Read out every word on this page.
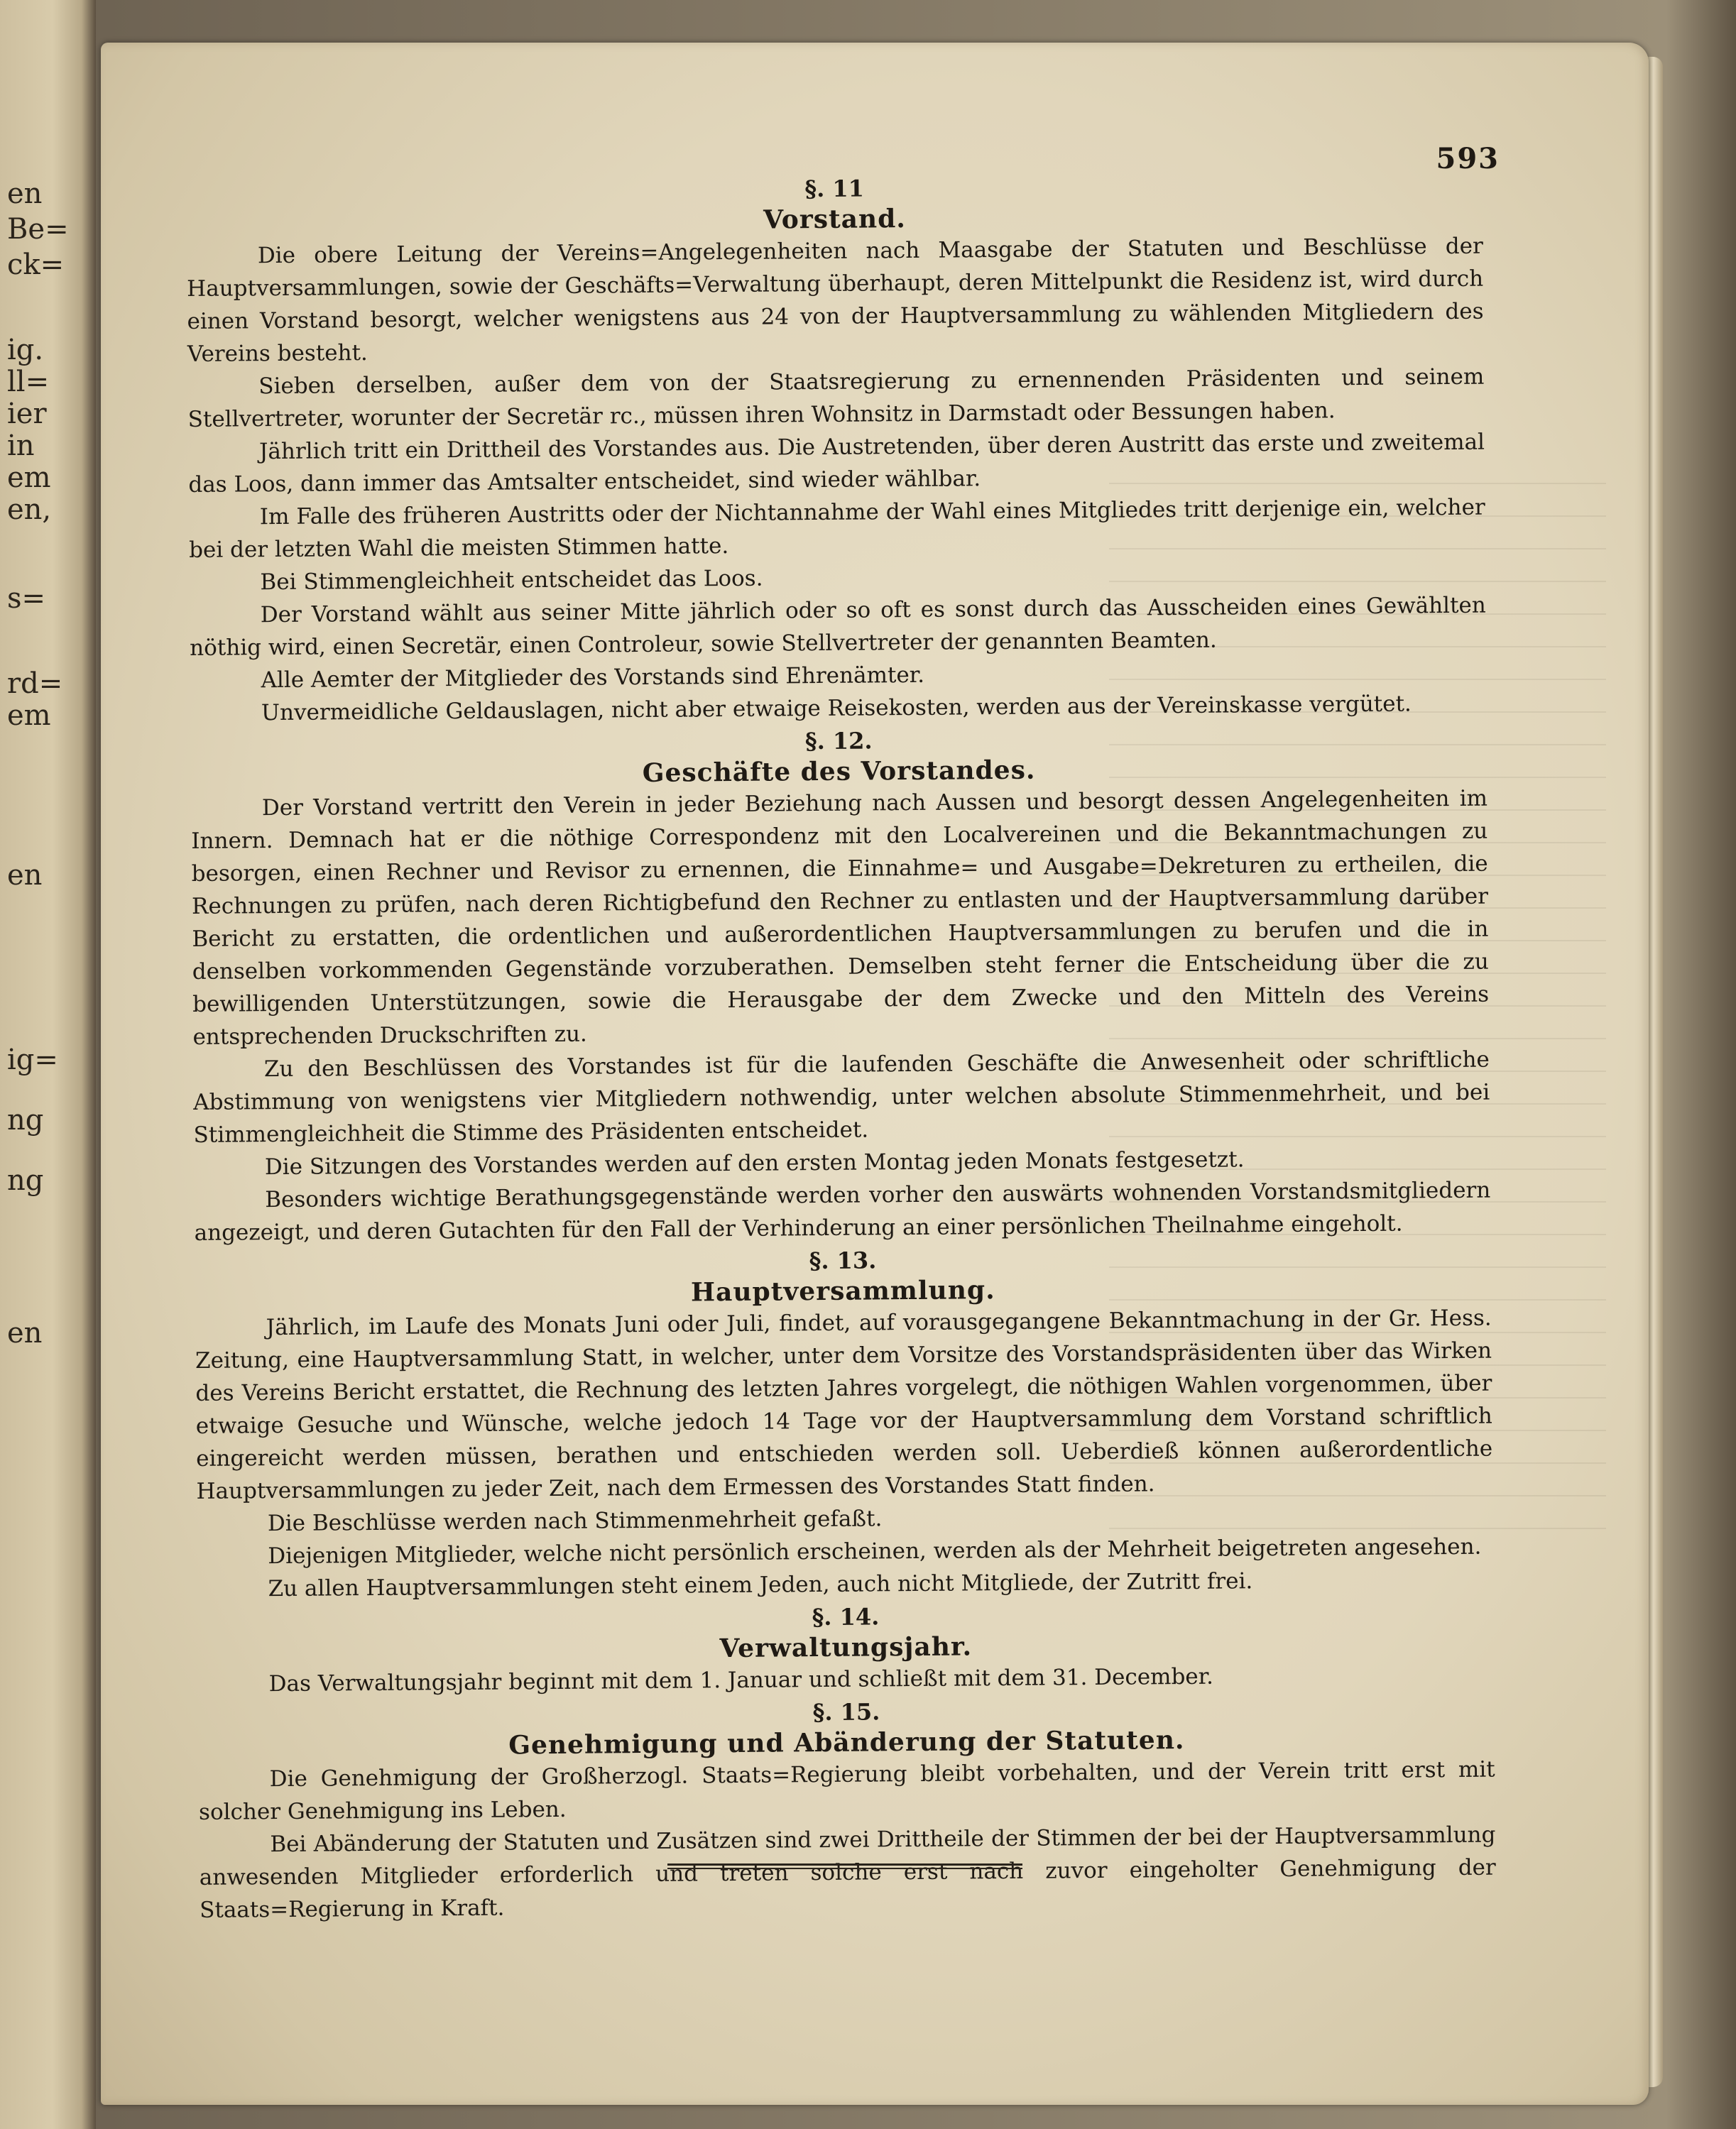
en
Be=
ck=
ig.
ll=
ier
in
em
en,
s=
rd=
em
en
ig=
ng
ng
en
593
§. 11
Vorstand.

Die obere Leitung der Vereins=Angelegenheiten nach Maasgabe der Statuten und Beschlüsse der Hauptversammlungen, sowie der Geschäfts=Verwaltung überhaupt, deren Mittelpunkt die Residenz ist, wird durch einen Vorstand besorgt, welcher wenigstens aus 24 von der Hauptversammlung zu wählenden Mitgliedern des Vereins besteht.

Sieben derselben, außer dem von der Staatsregierung zu ernennenden Präsidenten und seinem Stellvertreter, worunter der Secretär rc., müssen ihren Wohnsitz in Darmstadt oder Bessungen haben.

Jährlich tritt ein Drittheil des Vorstandes aus. Die Austretenden, über deren Austritt das erste und zweitemal das Loos, dann immer das Amtsalter entscheidet, sind wieder wählbar.

Im Falle des früheren Austritts oder der Nichtannahme der Wahl eines Mitgliedes tritt derjenige ein, welcher bei der letzten Wahl die meisten Stimmen hatte.

Bei Stimmengleichheit entscheidet das Loos.

Der Vorstand wählt aus seiner Mitte jährlich oder so oft es sonst durch das Ausscheiden eines Gewählten nöthig wird, einen Secretär, einen Controleur, sowie Stellvertreter der genannten Beamten.

Alle Aemter der Mitglieder des Vorstands sind Ehrenämter.

Unvermeidliche Geldauslagen, nicht aber etwaige Reisekosten, werden aus der Vereinskasse vergütet.

§. 12.
Geschäfte des Vorstandes.

Der Vorstand vertritt den Verein in jeder Beziehung nach Aussen und besorgt dessen Angelegenheiten im Innern. Demnach hat er die nöthige Correspondenz mit den Localvereinen und die Bekanntmachungen zu besorgen, einen Rechner und Revisor zu ernennen, die Einnahme= und Ausgabe=Dekreturen zu ertheilen, die Rechnungen zu prüfen, nach deren Richtigbefund den Rechner zu entlasten und der Hauptversammlung darüber Bericht zu erstatten, die ordentlichen und außerordentlichen Hauptversammlungen zu berufen und die in denselben vorkommenden Gegenstände vorzuberathen. Demselben steht ferner die Entscheidung über die zu bewilligenden Unterstützungen, sowie die Herausgabe der dem Zwecke und den Mitteln des Vereins entsprechenden Druckschriften zu.

Zu den Beschlüssen des Vorstandes ist für die laufenden Geschäfte die Anwesenheit oder schriftliche Abstimmung von wenigstens vier Mitgliedern nothwendig, unter welchen absolute Stimmenmehrheit, und bei Stimmengleichheit die Stimme des Präsidenten entscheidet.

Die Sitzungen des Vorstandes werden auf den ersten Montag jeden Monats festgesetzt.

Besonders wichtige Berathungsgegenstände werden vorher den auswärts wohnenden Vorstandsmitgliedern angezeigt, und deren Gutachten für den Fall der Verhinderung an einer persönlichen Theilnahme eingeholt.

§. 13.
Hauptversammlung.

Jährlich, im Laufe des Monats Juni oder Juli, findet, auf vorausgegangene Bekanntmachung in der Gr. Hess. Zeitung, eine Hauptversammlung Statt, in welcher, unter dem Vorsitze des Vorstandspräsidenten über das Wirken des Vereins Bericht erstattet, die Rechnung des letzten Jahres vorgelegt, die nöthigen Wahlen vorgenommen, über etwaige Gesuche und Wünsche, welche jedoch 14 Tage vor der Hauptversammlung dem Vorstand schriftlich eingereicht werden müssen, berathen und entschieden werden soll. Ueberdieß können außerordentliche Hauptversammlungen zu jeder Zeit, nach dem Ermessen des Vorstandes Statt finden.

Die Beschlüsse werden nach Stimmenmehrheit gefaßt.

Diejenigen Mitglieder, welche nicht persönlich erscheinen, werden als der Mehrheit beigetreten angesehen.

Zu allen Hauptversammlungen steht einem Jeden, auch nicht Mitgliede, der Zutritt frei.

§. 14.
Verwaltungsjahr.

Das Verwaltungsjahr beginnt mit dem 1. Januar und schließt mit dem 31. December.

§. 15.
Genehmigung und Abänderung der Statuten.

Die Genehmigung der Großherzogl. Staats=Regierung bleibt vorbehalten, und der Verein tritt erst mit solcher Genehmigung ins Leben.

Bei Abänderung der Statuten und Zusätzen sind zwei Drittheile der Stimmen der bei der Hauptversammlung anwesenden Mitglieder erforderlich und treten solche erst nach zuvor eingeholter Genehmigung der Staats=Regierung in Kraft.
